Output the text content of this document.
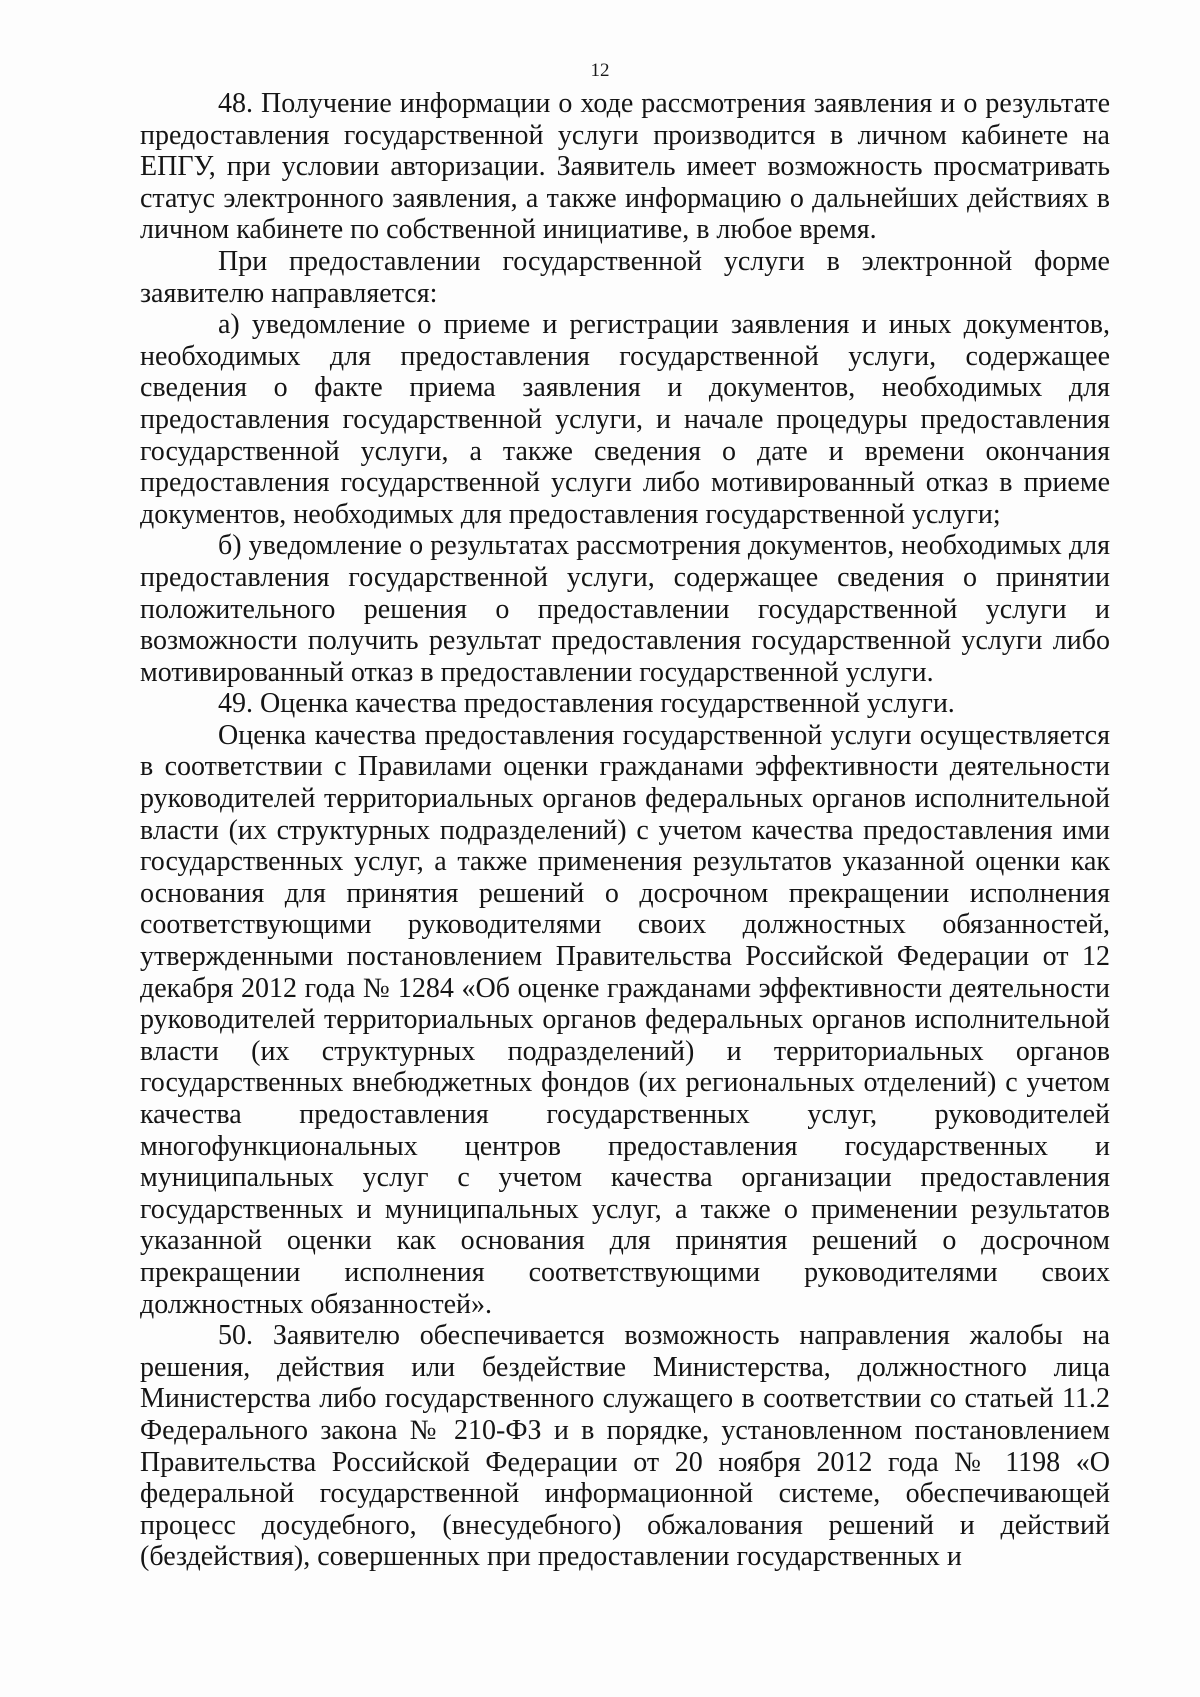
12

48. Получение информации о ходе рассмотрения заявления и о результате предоставления государственной услуги производится в личном кабинете на ЕПГУ, при условии авторизации. Заявитель имеет возможность просматривать статус электронного заявления, а также информацию о дальнейших действиях в личном кабинете по собственной инициативе, в любое время.

При предоставлении государственной услуги в электронной форме заявителю направляется:

а) уведомление о приеме и регистрации заявления и иных документов, необходимых для предоставления государственной услуги, содержащее сведения о факте приема заявления и документов, необходимых для предоставления государственной услуги, и начале процедуры предоставления государственной услуги, а также сведения о дате и времени окончания предоставления государственной услуги либо мотивированный отказ в приеме документов, необходимых для предоставления государственной услуги;

б) уведомление о результатах рассмотрения документов, необходимых для предоставления государственной услуги, содержащее сведения о принятии положительного решения о предоставлении государственной услуги и возможности получить результат предоставления государственной услуги либо мотивированный отказ в предоставлении государственной услуги.

49. Оценка качества предоставления государственной услуги.

Оценка качества предоставления государственной услуги осуществляется в соответствии с Правилами оценки гражданами эффективности деятельности руководителей территориальных органов федеральных органов исполнительной власти (их структурных подразделений) с учетом качества предоставления ими государственных услуг, а также применения результатов указанной оценки как основания для принятия решений о досрочном прекращении исполнения соответствующими руководителями своих должностных обязанностей, утвержденными постановлением Правительства Российской Федерации от 12 декабря 2012 года № 1284 «Об оценке гражданами эффективности деятельности руководителей территориальных органов федеральных органов исполнительной власти (их структурных подразделений) и территориальных органов государственных внебюджетных фондов (их региональных отделений) с учетом качества предоставления государственных услуг, руководителей многофункциональных центров предоставления государственных и муниципальных услуг с учетом качества организации предоставления государственных и муниципальных услуг, а также о применении результатов указанной оценки как основания для принятия решений о досрочном прекращении исполнения соответствующими руководителями своих должностных обязанностей».

50. Заявителю обеспечивается возможность направления жалобы на решения, действия или бездействие Министерства, должностного лица Министерства либо государственного служащего в соответствии со статьей 11.2 Федерального закона № 210-ФЗ и в порядке, установленном постановлением Правительства Российской Федерации от 20 ноября 2012 года № 1198 «О федеральной государственной информационной системе, обеспечивающей процесс досудебного, (внесудебного) обжалования решений и действий (бездействия), совершенных при предоставлении государственных и
